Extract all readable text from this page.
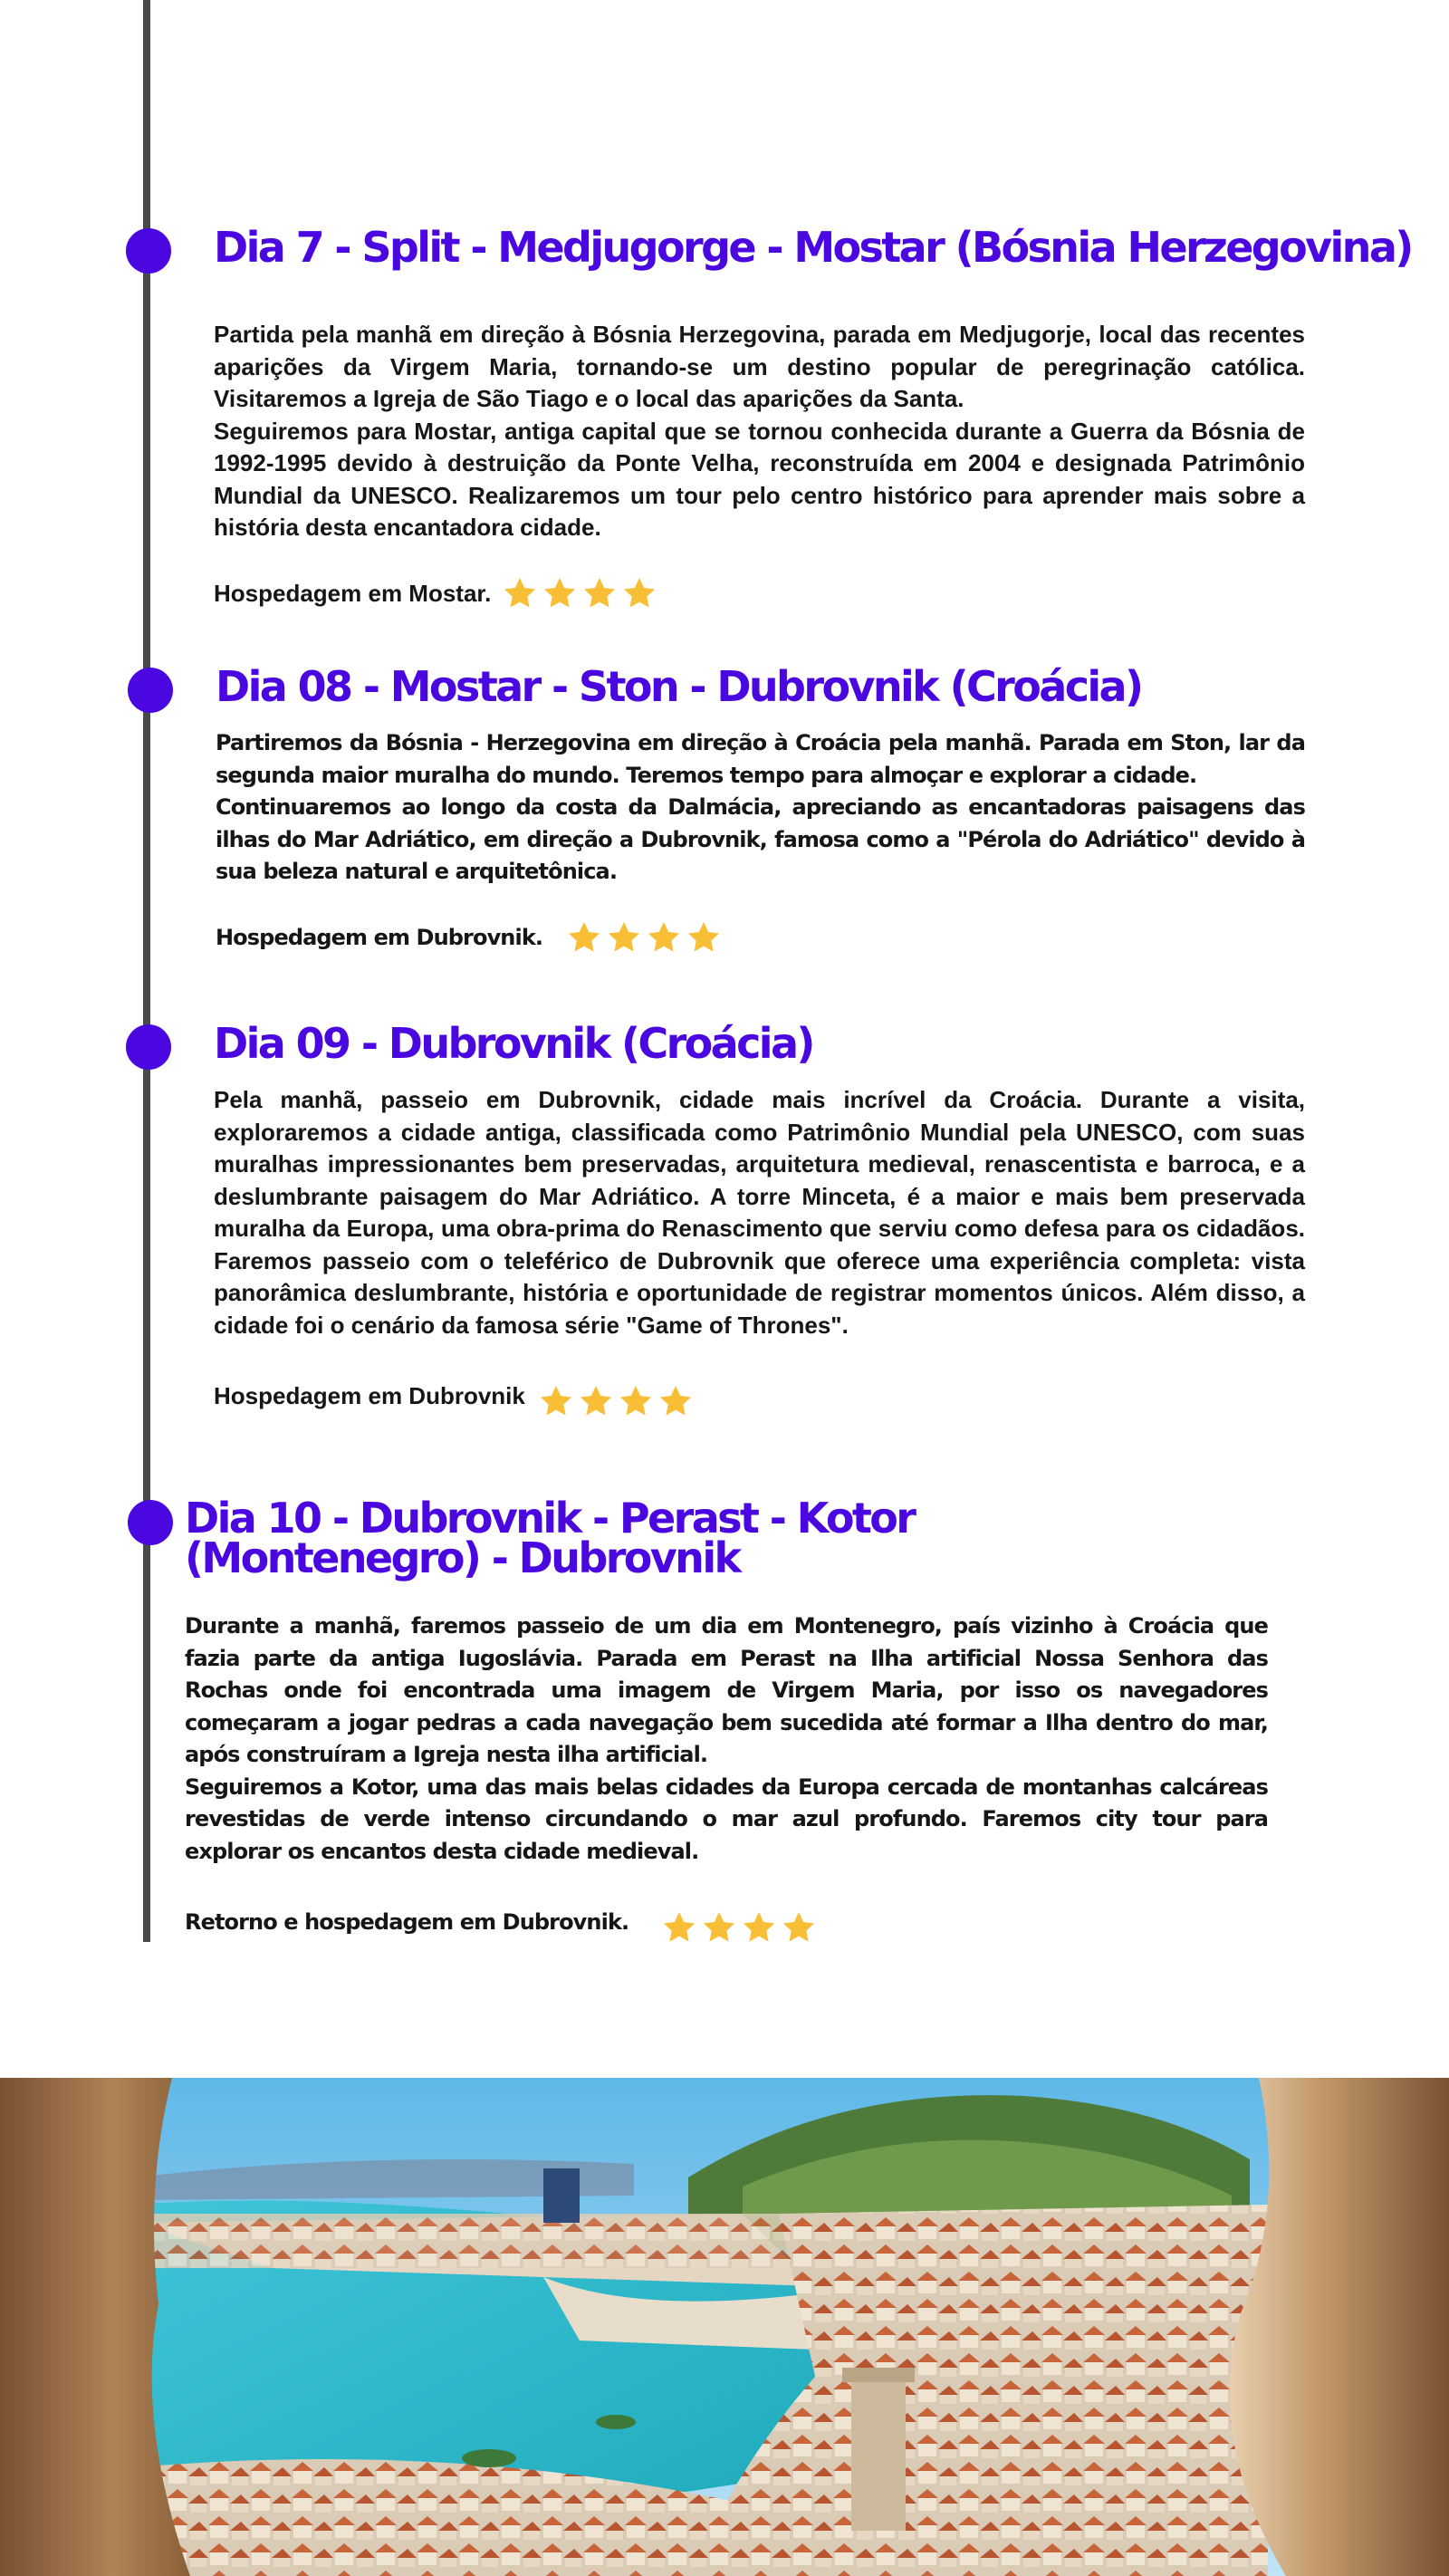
Dia 7 - Split - Medjugorge - Mostar (Bósnia Herzegovina)

Partida pela manhã em direção à Bósnia Herzegovina, parada em Medjugorje, local das recentes aparições da Virgem Maria, tornando-se um destino popular de peregrinação católica. Visitaremos a Igreja de São Tiago e o local das aparições da Santa.

Seguiremos para Mostar, antiga capital que se tornou conhecida durante a Guerra da Bósnia de 1992-1995 devido à destruição da Ponte Velha, reconstruída em 2004 e designada Patrimônio Mundial da UNESCO. Realizaremos um tour pelo centro histórico para aprender mais sobre a história desta encantadora cidade.

Hospedagem em Mostar.
Dia 08 - Mostar - Ston - Dubrovnik (Croácia)

Partiremos da Bósnia - Herzegovina em direção à Croácia pela manhã. Parada em Ston, lar da segunda maior muralha do mundo. Teremos tempo para almoçar e explorar a cidade.

Continuaremos ao longo da costa da Dalmácia, apreciando as encantadoras paisagens das ilhas do Mar Adriático, em direção a Dubrovnik, famosa como a "Pérola do Adriático" devido à sua beleza natural e arquitetônica.

Hospedagem em Dubrovnik.
Dia 09 - Dubrovnik (Croácia)

Pela manhã, passeio em Dubrovnik, cidade mais incrível da Croácia. Durante a visita, exploraremos a cidade antiga, classificada como Patrimônio Mundial pela UNESCO, com suas muralhas impressionantes bem preservadas, arquitetura medieval, renascentista e barroca, e a deslumbrante paisagem do Mar Adriático. A torre Minceta, é a maior e mais bem preservada muralha da Europa, uma obra-prima do Renascimento que serviu como defesa para os cidadãos. Faremos passeio com o teleférico de Dubrovnik que oferece uma experiência completa: vista panorâmica deslumbrante, história e oportunidade de registrar momentos únicos. Além disso, a cidade foi o cenário da famosa série "Game of Thrones".

Hospedagem em Dubrovnik
Dia 10 - Dubrovnik - Perast - Kotor (Montenegro) - Dubrovnik

Durante a manhã, faremos passeio de um dia em Montenegro, país vizinho à Croácia que fazia parte da antiga Iugoslávia. Parada em Perast na Ilha artificial Nossa Senhora das Rochas onde foi encontrada uma imagem de Virgem Maria, por isso os navegadores começaram a jogar pedras a cada navegação bem sucedida até formar a Ilha dentro do mar, após construíram a Igreja nesta ilha artificial.

Seguiremos a Kotor, uma das mais belas cidades da Europa cercada de montanhas calcáreas revestidas de verde intenso circundando o mar azul profundo. Faremos city tour para explorar os encantos desta cidade medieval.

Retorno e hospedagem em Dubrovnik.
